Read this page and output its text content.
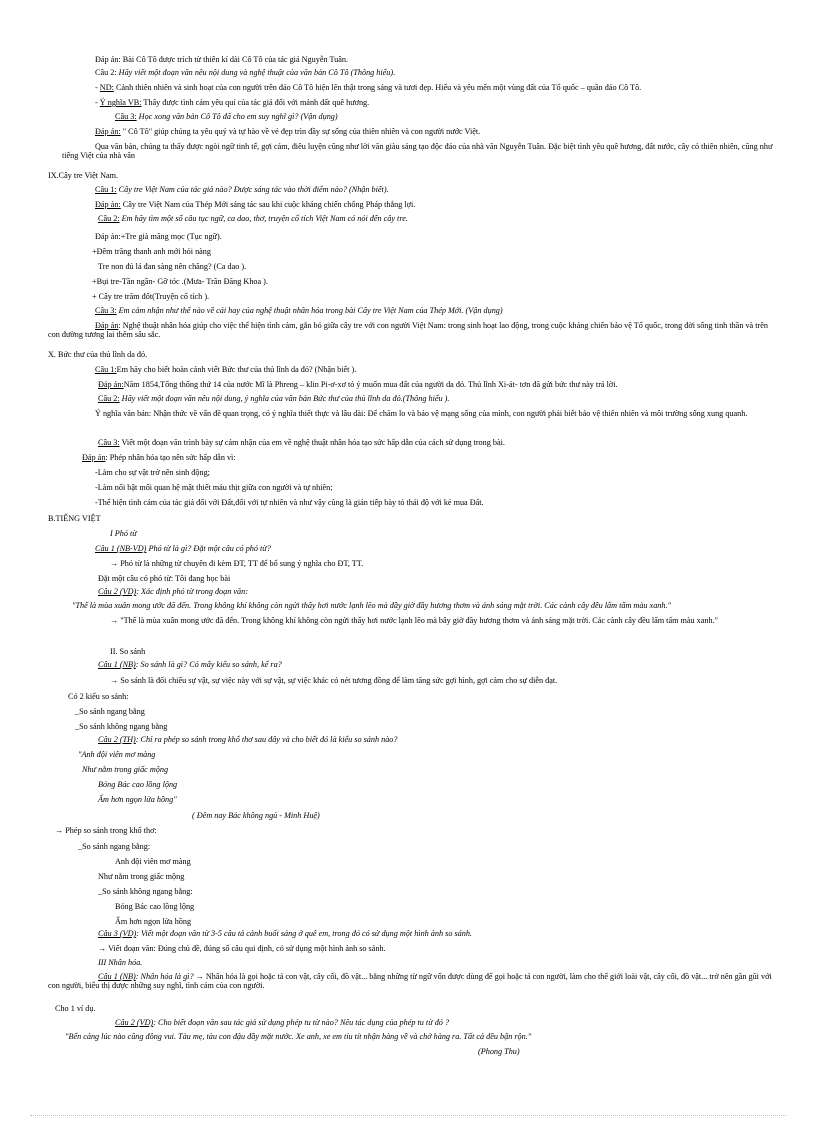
Đáp án: Bài Cô Tô được trích từ thiên kí dài Cô Tô của tác giả Nguyễn Tuân.
Câu 2: Hãy viết một đoạn văn nêu nội dung và nghệ thuật của văn bản Cô Tô (Thông hiểu).
- ND: Cảnh thiên nhiên và sinh hoạt của con người trên đảo Cô Tô hiện lên thật trong sáng và tươi đẹp. Hiểu và yêu mến một vùng đất của Tổ quốc – quần đảo Cô Tô.
- Ý nghĩa VB: Thấy được tình cảm yêu quí của tác giả đối với mảnh đất quê hương.
Câu 3: Học xong văn bản Cô Tô đã cho em suy nghĩ gì? (Vận dụng)
Đáp án: " Cô Tô" giúp chúng ta yêu quý và tự hào về vẻ đẹp trìn đầy sự sống của thiên nhiên và con người nước Việt.
Qua văn bản, chúng ta thấy được ngòi ngữ tinh tế, gợi cảm, điêu luyện cũng như lời văn giàu sáng tạo độc đáo của nhà văn Nguyễn Tuân. Đặc biệt tình yêu quê hương, đất nước, cây cỏ thiên nhiên, cũng như tiếng Việt của nhà văn
IX.Cây tre Việt Nam.
Câu 1: Cây tre Việt Nam của tác giả nào? Được sáng tác vào thời điểm nào? (Nhận biết).
Đáp án: Cây tre Việt Nam của Thép Mới sáng tác sau khi cuộc kháng chiến chống Pháp thắng lợi.
Câu 2: Em hãy tìm một số câu tục ngữ, ca dao, thơ, truyện cổ tích Việt Nam có nói đến cây tre.
Đáp án:+Tre già măng mọc (Tục ngữ).
+Đêm trăng thanh anh mới hỏi nàng
Tre non đủ lá đan sàng nên chăng? (Ca dao ).
+Bụi tre-Tần ngần- Gỡ tóc .(Mưa- Trần Đăng Khoa ).
+ Cây tre trăm đốt(Truyện cổ tích ).
Câu 3: Em cảm nhận như thế nào về cái hay của nghệ thuật nhân hóa trong bài Cây tre Việt Nam của Thép Mới. (Vận dụng)
Đáp án: Nghệ thuật nhân hóa giúp cho việc thể hiện tình cảm, gắn bó giữa cây tre với con người Việt Nam: trong sinh hoạt lao động, trong cuộc kháng chiến bảo vệ Tổ quốc, trong đời sống tinh thần và trên con đường tương lai thêm sâu sắc.
X. Bức thư của thủ lĩnh da đỏ.
Câu 1:Em hãy cho biết hoàn cảnh viết Bức thư của thủ lĩnh da đỏ? (Nhận biết ).
Đáp án:Năm 1854,Tổng thống thứ 14 của nước Mĩ là Phreng – klin Pi-ơ-xơ tỏ ý muốn mua đất của người da đỏ. Thủ lĩnh Xi-át- tơn đã gửi bức thư này trả lời.
Câu 2: Hãy viết một đoạn văn nêu nội dung, ý nghĩa của văn bản Bức thư của thủ lĩnh da đỏ.(Thông hiểu ).
Ý nghĩa văn bản: Nhận thức về vấn đề quan trọng, có ý nghĩa thiết thực và lâu dài: Để chăm lo và bảo vệ mạng sống của mình, con người phải biết bảo vệ thiên nhiên và môi trường sống xung quanh.
Câu 3: Viết một đoạn văn trình bày sự cảm nhận của em về nghệ thuật nhân hóa tạo sức hấp dẫn của cách sử dụng trong bài.
Đáp án: Phép nhân hóa tạo nên sức hấp dẫn vì:
-Làm cho sự vật trở nên sinh động;
-Làm nổi bật mối quan hệ mật thiết máu thịt giữa con người và tự nhiên;
-Thể hiện tình cảm của tác giả đối với Đất,đối với tự nhiên và như vậy cũng là gián tiếp bày tỏ thái độ với kẻ mua Đất.
B.TIẾNG VIỆT
I Phó từ
Câu 1 (NB-VD) Phó từ là gì? Đặt một câu có phó từ?
→ Phó từ là những từ chuyên đi kèm ĐT, TT để bổ sung ý nghĩa cho ĐT, TT.
Đặt một câu có phó từ: Tôi đang học bài
Câu 2 (VD): Xác định phó từ trong đoạn văn:
"Thế là mùa xuân mong ước đã đến. Trong không khí không còn ngửi thấy hơi nước lạnh lẽo mà đầy giờ đầy hương thơm và ánh sáng mặt trời. Các cành cây đều lấm tấm màu xanh."
→ "Thế là mùa xuân mong ước đã đến. Trong không khí không còn ngửi thấy hơi nước lạnh lẽo mà bây giờ đầy hương thơm và ánh sáng mặt trời. Các cành cây đều lấm tấm màu xanh."
II. So sánh
Câu 1 (NB): So sánh là gì? Có mấy kiểu so sánh, kể ra?
→ So sánh là đối chiếu sự vật, sự việc này với sự vật, sự việc khác có nét tương đồng để làm tăng sức gợi hình, gợi cảm cho sự diễn đạt.
Có 2 kiểu so sánh:
_So sánh ngang bằng
_So sánh không ngang bằng
Câu 2 (TH): Chỉ ra phép so sánh trong khổ thơ sau đây và cho biết đó là kiểu so sánh nào?
"Anh đội viên mơ màng
Như nằm trong giấc mộng
Bóng Bác cao lồng lộng
Ấm hơn ngọn lửa hồng"
( Đêm nay Bác không ngủ - Minh Huệ)
→ Phép so sánh trong khổ thơ:
_So sánh ngang bằng:
Anh đội viên mơ màng
Như nằm trong giấc mộng
_So sánh không ngang bằng:
Bóng Bác cao lồng lộng
Ấm hơn ngọn lửa hồng
Câu 3 (VD): Viết một đoạn văn từ 3-5 câu tả cảnh buổi sáng ở quê em, trong đó có sử dụng một hình ảnh so sánh.
→ Viết đoạn văn: Đúng chủ đề, đúng số câu qui định, có sử dụng một hình ảnh so sánh.
III Nhân hóa.
Câu 1 (NB): Nhân hóa là gì? → Nhân hóa là gọi hoặc tả con vật, cây cối, đồ vật... bằng những từ ngữ vốn được dùng để gọi hoặc tả con người, làm cho thế giới loài vật, cây cối, đồ vật... trở nên gần gũi với con người, biểu thị được những suy nghĩ, tình cảm của con người.
Cho 1 ví dụ.
Câu 2 (VD): Cho biết đoạn văn sau tác giả sử dụng phép tu từ nào? Nêu tác dụng của phép tu từ đó ?
"Bến cảng lúc nào cũng đông vui. Tàu mẹ, tàu con đậu đầy mặt nước. Xe anh, xe em tíu tít nhận hàng về và chở hàng ra. Tất cả đều bận rộn."
(Phong Thu)
